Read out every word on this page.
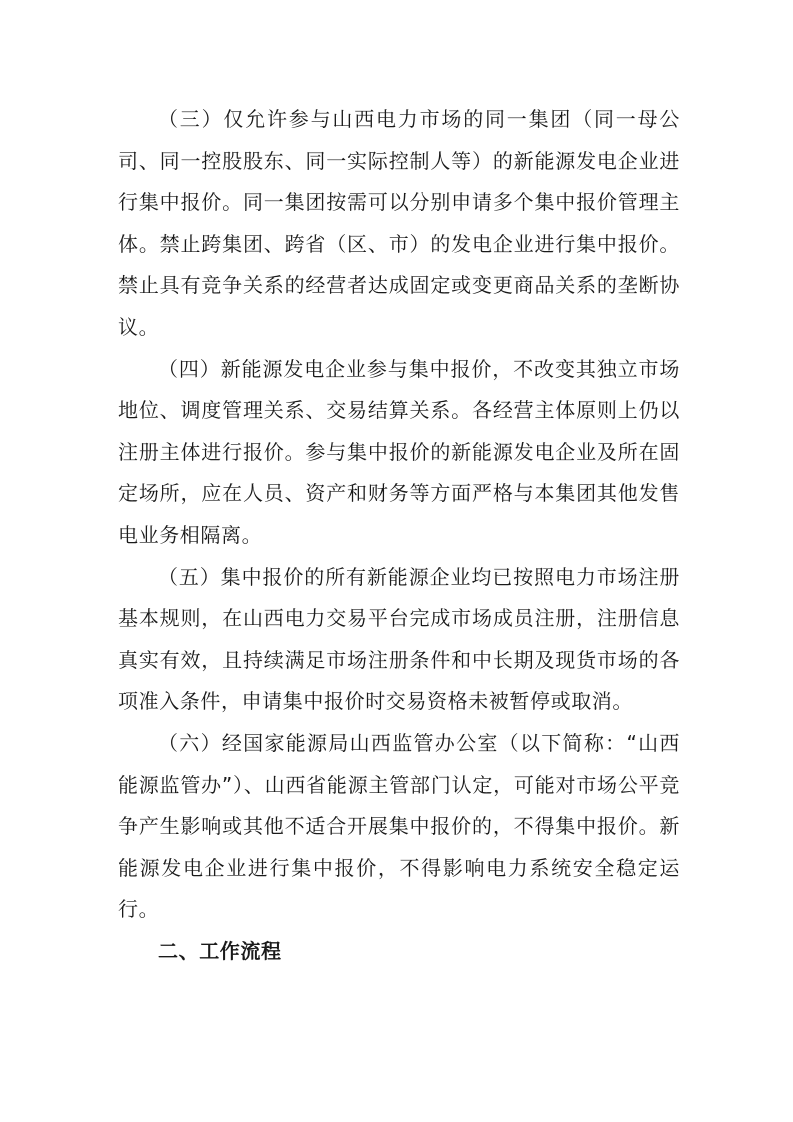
（三）仅允许参与山西电力市场的同一集团（同一母公司、同一控股股东、同一实际控制人等）的新能源发电企业进行集中报价。同一集团按需可以分别申请多个集中报价管理主体。禁止跨集团、跨省（区、市）的发电企业进行集中报价。禁止具有竞争关系的经营者达成固定或变更商品关系的垄断协议。

（四）新能源发电企业参与集中报价，不改变其独立市场地位、调度管理关系、交易结算关系。各经营主体原则上仍以注册主体进行报价。参与集中报价的新能源发电企业及所在固定场所，应在人员、资产和财务等方面严格与本集团其他发售电业务相隔离。

（五）集中报价的所有新能源企业均已按照电力市场注册基本规则，在山西电力交易平台完成市场成员注册，注册信息真实有效，且持续满足市场注册条件和中长期及现货市场的各项准入条件，申请集中报价时交易资格未被暂停或取消。

（六）经国家能源局山西监管办公室（以下简称：“山西能源监管办”）、山西省能源主管部门认定，可能对市场公平竞争产生影响或其他不适合开展集中报价的，不得集中报价。新能源发电企业进行集中报价，不得影响电力系统安全稳定运行。

二、工作流程
